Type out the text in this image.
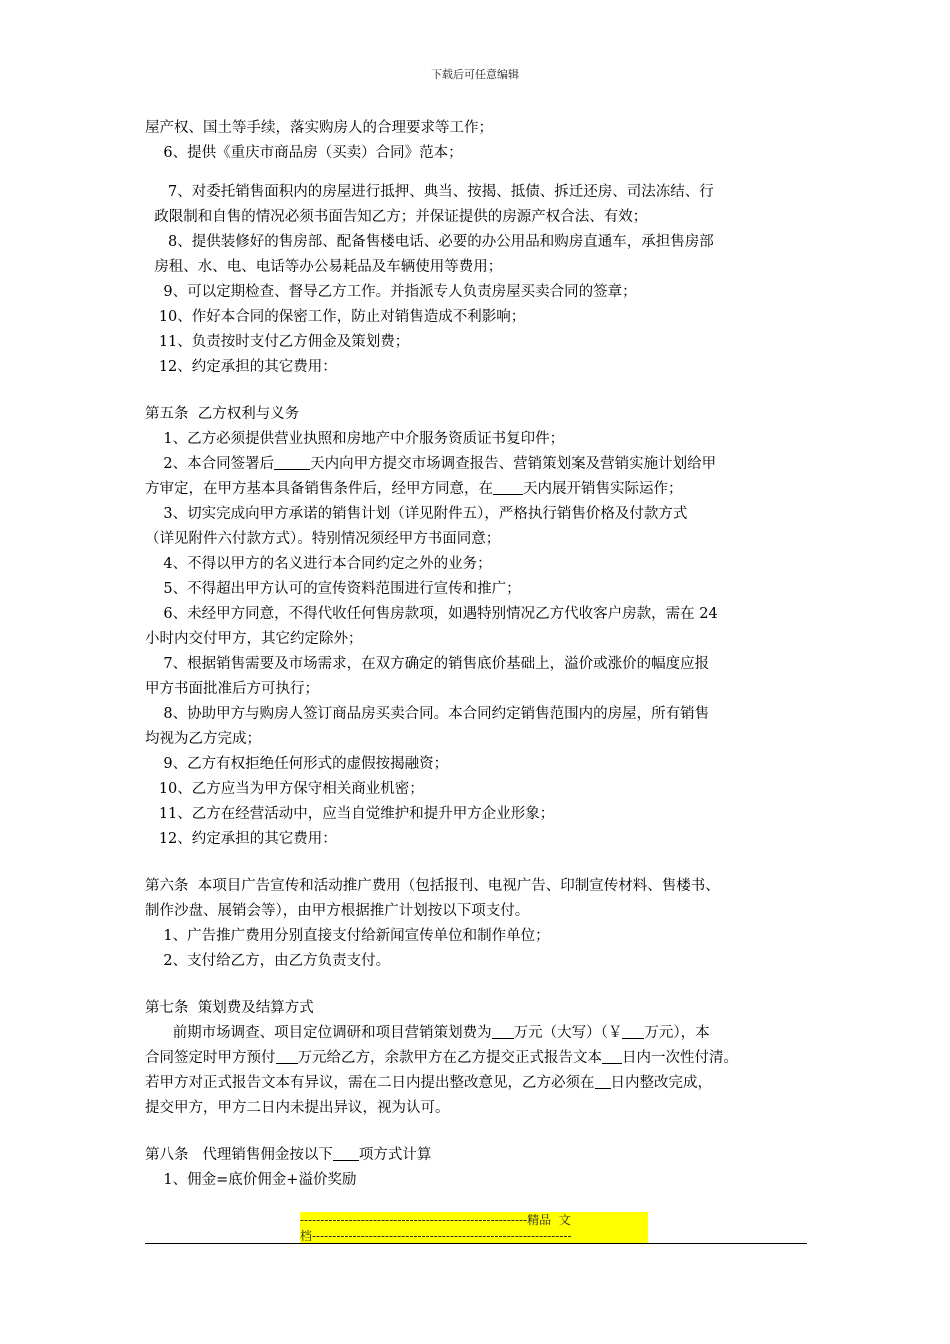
下载后可任意编辑
屋产权、国土等手续，落实购房人的合理要求等工作；
6、提供《重庆市商品房（买卖）合同》范本；
7、对委托销售面积内的房屋进行抵押、典当、按揭、抵债、拆迁还房、司法冻结、行
政限制和自售的情况必须书面告知乙方；并保证提供的房源产权合法、有效；
8、提供装修好的售房部、配备售楼电话、必要的办公用品和购房直通车，承担售房部
房租、水、电、电话等办公易耗品及车辆使用等费用；
9、可以定期检查、督导乙方工作。并指派专人负责房屋买卖合同的签章；
10、作好本合同的保密工作，防止对销售造成不利影响；
11、负责按时支付乙方佣金及策划费；
12、约定承担的其它费用：
第五条  乙方权利与义务
1、乙方必须提供营业执照和房地产中介服务资质证书复印件；
2、本合同签署后 天内向甲方提交市场调查报告、营销策划案及营销实施计划给甲
方审定，在甲方基本具备销售条件后，经甲方同意，在 天内展开销售实际运作；
3、切实完成向甲方承诺的销售计划（详见附件五），严格执行销售价格及付款方式
（详见附件六付款方式）。特别情况须经甲方书面同意；
4、不得以甲方的名义进行本合同约定之外的业务；
5、不得超出甲方认可的宣传资料范围进行宣传和推广；
6、未经甲方同意，不得代收任何售房款项，如遇特别情况乙方代收客户房款，需在 24
小时内交付甲方，其它约定除外；
7、根据销售需要及市场需求，在双方确定的销售底价基础上，溢价或涨价的幅度应报
甲方书面批准后方可执行；
8、协助甲方与购房人签订商品房买卖合同。本合同约定销售范围内的房屋，所有销售
均视为乙方完成；
9、乙方有权拒绝任何形式的虚假按揭融资；
10、乙方应当为甲方保守相关商业机密；
11、乙方在经营活动中，应当自觉维护和提升甲方企业形象；
12、约定承担的其它费用：
第六条  本项目广告宣传和活动推广费用（包括报刊、电视广告、印制宣传材料、售楼书、
制作沙盘、展销会等），由甲方根据推广计划按以下项支付。
1、广告推广费用分别直接支付给新闻宣传单位和制作单位；
2、支付给乙方，由乙方负责支付。
第七条  策划费及结算方式
前期市场调查、项目定位调研和项目营销策划费为 万元（大写）（￥ 万元），本
合同签定时甲方预付 万元给乙方，余款甲方在乙方提交正式报告文本 日内一次性付清。
若甲方对正式报告文本有异议，需在二日内提出整改意见，乙方必须在 日内整改完成，
提交甲方，甲方二日内未提出异议，视为认可。
第八条   代理销售佣金按以下 项方式计算
1、佣金=底价佣金+溢价奖励
--------------------------------------------------------精品  文
档----------------------------------------------------------------
